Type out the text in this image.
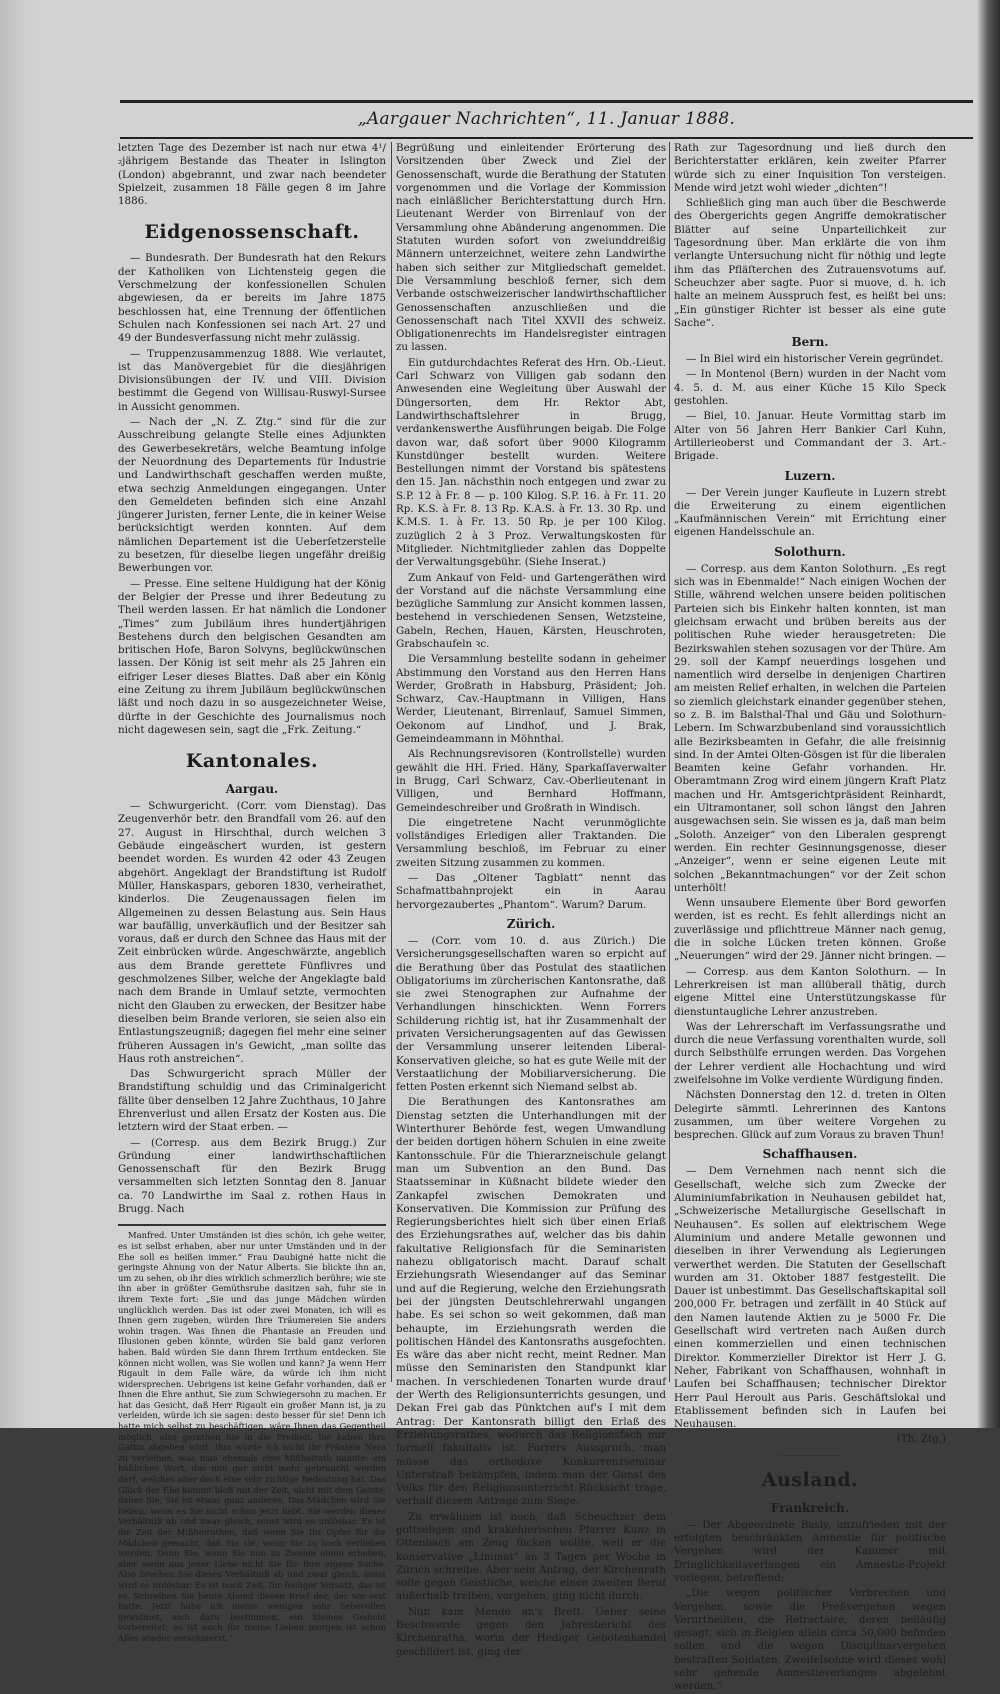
„Aargauer Nachrichten“, 11. Januar 1888.

letzten Tage des Dezember ist nach nur etwa 4¹/₂jährigem Bestande das Theater in Islington (London) abgebrannt, und zwar nach beendeter Spielzeit, zusammen 18 Fälle gegen 8 im Jahre 1886.

Eidgenossenschaft.

— Bundesrath. Der Bundesrath hat den Rekurs der Katholiken von Lichtensteig gegen die Verschmelzung der konfessionellen Schulen abgewiesen, da er bereits im Jahre 1875 beschlossen hat, eine Trennung der öffentlichen Schulen nach Konfessionen sei nach Art. 27 und 49 der Bundesverfassung nicht mehr zulässig.

— Truppenzusammenzug 1888. Wie verlautet, ist das Manövergebiet für die diesjährigen Divisionsübungen der IV. und VIII. Division bestimmt die Gegend von Willisau-Ruswyl-Sursee in Aussicht genommen.

— Nach der „N. Z. Ztg.“ sind für die zur Ausschreibung gelangte Stelle eines Adjunkten des Gewerbesekretärs, welche Beamtung infolge der Neuordnung des Departements für Industrie und Landwirthschaft geschaffen werden mußte, etwa sechzig Anmeldungen eingegangen. Unter den Gemeldeten befinden sich eine Anzahl jüngerer Juristen, ferner Lente, die in keiner Weise berücksichtigt werden konnten. Auf dem nämlichen Departement ist die Ueberſetzerstelle zu besetzen, für dieselbe liegen ungefähr dreißig Bewerbungen vor.

— Presse. Eine seltene Huldigung hat der König der Belgier der Presse und ihrer Bedeutung zu Theil werden lassen. Er hat nämlich die Londoner „Times“ zum Jubiläum ihres hundertjährigen Bestehens durch den belgischen Gesandten am britischen Hofe, Baron Solvyns, beglückwünschen lassen. Der König ist seit mehr als 25 Jahren ein eifriger Leser dieses Blattes. Daß aber ein König eine Zeitung zu ihrem Jubiläum beglückwünschen läßt und noch dazu in so ausgezeichneter Weise, dürfte in der Geschichte des Journalismus noch nicht dagewesen sein, sagt die „Frk. Zeitung.“

Kantonales.
Aargau.

— Schwurgericht. (Corr. vom Dienstag). Das Zeugenverhör betr. den Brandfall vom 26. auf den 27. August in Hirschthal, durch welchen 3 Gebäude eingeäschert wurden, ist gestern beendet worden. Es wurden 42 oder 43 Zeugen abgehört. Angeklagt der Brandstiftung ist Rudolf Müller, Hanskaspars, geboren 1830, verheirathet, kinderlos. Die Zeugenaussagen fielen im Allgemeinen zu dessen Belastung aus. Sein Haus war baufällig, unverkäuflich und der Besitzer sah voraus, daß er durch den Schnee das Haus mit der Zeit einbrücken würde. Angeschwärzte, angeblich aus dem Brande gerettete Fünflivres und geschmolzenes Silber, welche der Angeklagte bald nach dem Brande in Umlauf setzte, vermochten nicht den Glauben zu erwecken, der Besitzer habe dieselben beim Brande verloren, sie seien also ein Entlastungszeugniß; dagegen fiel mehr eine seiner früheren Aussagen in's Gewicht, „man sollte das Haus roth anstreichen“.

Das Schwurgericht sprach Müller der Brandstiftung schuldig und das Criminalgericht fällte über denselben 12 Jahre Zuchthaus, 10 Jahre Ehrenverlust und allen Ersatz der Kosten aus. Die letztern wird der Staat erben. —

— (Corresp. aus dem Bezirk Brugg.) Zur Gründung einer landwirthschaftlichen Genossenschaft für den Bezirk Brugg versammelten sich letzten Sonntag den 8. Januar ca. 70 Landwirthe im Saal z. rothen Haus in Brugg. Nach

Manfred. Unter Umständen ist dies schön, ich gehe weiter, es ist selbst erhaben, aber nur unter Umständen und in der Ehe soll es heißen immer.“ Frau Daubigné hatte nicht die geringste Ahnung von der Natur Alberts. Sie blickte ihn an, um zu sehen, ob ihr dies wirklich schmerzlich berühre; wie ste ihn aber in größter Gemüthsruhe dasitzen sah, fuhr sie in ihrem Texte fort: „Sie und das junge Mädchen würden unglücklich werden. Das ist oder zwei Monaten, ich will es Ihnen gern zugeben, würden Ihre Träumereien Sie anders wohin tragen. Was Ihnen die Phantasie an Freuden und Illusionen geben könnte, würden Sie bald ganz verloren haben. Bald würden Sie dann Ihrem Irrthum entdecken. Sie können nicht wollen, was Sie wollen und kann? Ja wenn Herr Rigault in dem Falle wäre, da würde ich ihm nicht widersprechen. Uebrigens ist keine Gefahr vorhanden, daß er Ihnen die Ehre anthut, Sie zum Schwiegersohn zu machen. Er hat das Gesicht, daß Herr Rigault ein großer Mann ist, ja zu verleiden, würde ich sie sagen: desto besser für sie! Denn ich hatte mich selbst zu beschäftigen, wäre Ihnen das Gegentheil möglich, also gerathen Sie in die Freiheit. Sie haben Ihre Gattin abgeben wird. Ihm würde ich nicht Ihr Fräulein Nera zu verleihen, was man ehemals eine Mißheirath nannte: ein häßliches Wort, das nun gar nicht mehr gebraucht werden darf, welches aber doch eine sehr richtige Bedeutung hat. Das Glück der Ehe kommt bloß mit der Zeit, nicht mit dem Geiste; daher Sie, Sie ist etwas ganz anderes. Das Mädchen wird Sie lieben, wenn es Sie nicht schon jetzt liebt. Sie werden dieses Verhältniß ab und zwar gleich, sonst wird es unlösbar. Es ist die Zeit der Mißheirathen, daß wenn Sie Ihr Opfer für die Mädchen gemacht, daß Sie sie, wenn Sie zu hoch verlieben werden. Denn Sie, wenn Sie nun zu Zweien einen erheben, aber wenn aus jener Liebe nicht Sie für Ihre eigene Sache. Also brechen Sie dieses Verhältniß ab und zwar gleich, sonst wird es unlösbar. Es ist noch Zeit, Ihr heiliger Vorsatz, das ist es. Schreiben Sie heute Abend diesen Brief der, der wir erst hatte. Jetzt habe ich meine wenigen sehr liebevollen gewidmet, sich dazu bestimmen, ein kleines Gedicht vorbereitet; es ist auch für meine Lieben morgen ist schon Alles wieder verschmerzt.“

Begrüßung und einleitender Erörterung des Vorsitzenden über Zweck und Ziel der Genossenschaft, wurde die Berathung der Statuten vorgenommen und die Vorlage der Kommission nach einläßlicher Berichterstattung durch Hrn. Lieutenant Werder von Birrenlauf von der Versammlung ohne Abänderung angenommen. Die Statuten wurden sofort von zweiunddreißig Männern unterzeichnet, weitere zehn Landwirthe haben sich seither zur Mitgliedschaft gemeldet. Die Versammlung beschloß ferner, sich dem Verbande ostschweizerischer landwirthschaftlicher Genossenschaften anzuschließen und die Genossenschaft nach Titel XXVII des schweiz. Obligationenrechts im Handelsregister eintragen zu lassen.

Ein gutdurchdachtes Referat des Hrn. Ob.-Lieut. Carl Schwarz von Villigen gab sodann den Anwesenden eine Wegleitung über Auswahl der Düngersorten, dem Hr. Rektor Abt, Landwirthschaftslehrer in Brugg, verdankenswerthe Ausführungen beigab. Die Folge davon war, daß sofort über 9000 Kilogramm Kunstdünger bestellt wurden. Weitere Bestellungen nimmt der Vorstand bis spätestens den 15. Jan. nächsthin noch entgegen und zwar zu S.P. 12 à Fr. 8 — p. 100 Kilog. S.P. 16. à Fr. 11. 20 Rp. K.S. à Fr. 8. 13 Rp. K.A.S. à Fr. 13. 30 Rp. und K.M.S. 1. à Fr. 13. 50 Rp. je per 100 Kilog. zuzüglich 2 à 3 Proz. Verwaltungskosten für Mitglieder. Nichtmitglieder zahlen das Doppelte der Verwaltungsgebühr. (Siehe Inserat.)

Zum Ankauf von Feld- und Gartengeräthen wird der Vorstand auf die nächste Versammlung eine bezügliche Sammlung zur Ansicht kommen lassen, bestehend in verschiedenen Sensen, Wetzsteine, Gabeln, Rechen, Hauen, Kärsten, Heuschroten, Grabschaufeln ꝛc.

Die Versammlung bestellte sodann in geheimer Abstimmung den Vorstand aus den Herren Hans Werder, Großrath in Habsburg, Präsident; Joh. Schwarz, Cav.-Hauptmann in Villigen, Hans Werder, Lieutenant, Birrenlauf, Samuel Simmen, Oekonom auf Lindhof, und J. Brak, Gemeindeammann in Möhnthal.

Als Rechnungsrevisoren (Kontrollstelle) wurden gewählt die HH. Fried. Häny, Sparkaſſaverwalter in Brugg, Carl Schwarz, Cav.-Oberlieutenant in Villigen, und Bernhard Hoffmann, Gemeindeschreiber und Großrath in Windisch.

Die eingetretene Nacht verunmöglichte vollständiges Erledigen aller Traktanden. Die Versammlung beschloß, im Februar zu einer zweiten Sitzung zusammen zu kommen.

— Das „Oltener Tagblatt“ nennt das Schafmattbahnprojekt ein in Aarau hervorgezaubertes „Phantom“. Warum? Darum.

Zürich.

— (Corr. vom 10. d. aus Zürich.) Die Versicherungsgesellschaften waren so erpicht auf die Berathung über das Postulat des staatlichen Obligatoriums im zürcherischen Kantonsrathe, daß sie zwei Stenographen zur Aufnahme der Verhandlungen hinschickten. Wenn Forrers Schilderung richtig ist, hat ihr Zusammenhalt der privaten Versicherungsagenten auf das Gewissen der Versammlung unserer leitenden Liberal-Konservativen gleiche, so hat es gute Weile mit der Verstaatlichung der Mobiliarversicherung. Die fetten Posten erkennt sich Niemand selbst ab.

Die Berathungen des Kantonsrathes am Dienstag setzten die Unterhandlungen mit der Winterthurer Behörde fest, wegen Umwandlung der beiden dortigen höhern Schulen in eine zweite Kantonsschule. Für die Thierarzneischule gelangt man um Subvention an den Bund. Das Staatsseminar in Küßnacht bildete wieder den Zankapfel zwischen Demokraten und Konservativen. Die Kommission zur Prüfung des Regierungsberichtes hielt sich über einen Erlaß des Erziehungsrathes auf, welcher das bis dahin fakultative Religionsfach für die Seminaristen nahezu obligatorisch macht. Darauf schalt Erziehungsrath Wiesendanger auf das Seminar und auf die Regierung, welche den Erziehungsrath bei der jüngsten Deutschlehrerwahl ungangen habe. Es sei schon so weit gekommen, daß man behaupte, im Erziehungsrath werden die politischen Händel des Kantonsraths ausgefochten. Es wäre das aber nicht recht, meint Redner. Man müsse den Seminaristen den Standpunkt klar machen. In verschiedenen Tonarten wurde drauf der Werth des Religionsunterrichts gesungen, und Dekan Frei gab das Pünktchen auf's I mit dem Antrag: Der Kantonsrath billigt den Erlaß des Erziehungsrathes, wodurch das Religionsfach nur formell fakultativ ist. Forrers Ausspruch, man müsse das orthodoxe Konkurrenzseminar Unterstraß bekämpfen, indem man der Gunst des Volks für den Religionsunterricht Rücksicht trage, verhalf diesem Antrage zum Siege.

Zu erwähnen ist noch, daß Scheuchzer dem gottseligen und krakehlerischen Pfarrer Kunz in Ottenbach am Zeug flicken wollte, weil er die konservative „Limmat“ an 3 Tagen per Woche in Zürich schreibe. Aber sein Antrag, der Kirchenrath solle gegen Geistliche, welche einen zweiten Beruf außerhalb treiben, vorgehen, ging nicht durch.

Nun kam Mende an's Brett. Ueber seine Beschwerde gegen den Jahresbericht des Kirchenraths, worin der Hediger Gebotenhandel geschildert ist, ging der

Rath zur Tagesordnung und ließ durch den Berichterstatter erklären, kein zweiter Pfarrer würde sich zu einer Inquisition Ton versteigen. Mende wird jetzt wohl wieder „dichten“!

Schließlich ging man auch über die Beschwerde des Obergerichts gegen Angriffe demokratischer Blätter auf seine Unparteilichkeit zur Tagesordnung über. Man erklärte die von ihm verlangte Untersuchung nicht für nöthig und legte ihm das Pfläſterchen des Zutrauensvotums auf. Scheuchzer aber sagte. Puor si muove, d. h. ich halte an meinem Ausspruch fest, es heißt bei uns: „Ein günstiger Richter ist besser als eine gute Sache“.

Bern.

— In Biel wird ein historischer Verein gegründet.

— In Montenol (Bern) wurden in der Nacht vom 4. 5. d. M. aus einer Küche 15 Kilo Speck gestohlen.

— Biel, 10. Januar. Heute Vormittag starb im Alter von 56 Jahren Herr Bankier Carl Kuhn, Artillerieoberst und Commandant der 3. Art.-Brigade.

Luzern.

— Der Verein junger Kaufleute in Luzern strebt die Erweiterung zu einem eigentlichen „Kaufmännischen Verein“ mit Errichtung einer eigenen Handelsschule an.

Solothurn.

— Corresp. aus dem Kanton Solothurn. „Es regt sich was in Ebenmalde!“ Nach einigen Wochen der Stille, während welchen unsere beiden politischen Parteien sich bis Einkehr halten konnten, ist man gleichsam erwacht und brüben bereits aus der politischen Ruhe wieder herausgetreten: Die Bezirkswahlen stehen sozusagen vor der Thüre. Am 29. soll der Kampf neuerdings losgehen und namentlich wird derselbe in denjenigen Chartiren am meisten Relief erhalten, in welchen die Parteien so ziemlich gleichstark einander gegenüber stehen, so z. B. im Balsthal-Thal und Gäu und Solothurn-Lebern. Im Schwarzbubenland sind voraussichtlich alle Bezirksbeamten in Gefahr, die alle freisinnig sind. In der Amtei Olten-Gösgen ist für die liberalen Beamten keine Gefahr vorhanden. Hr. Oberamtmann Zrog wird einem jüngern Kraft Platz machen und Hr. Amtsgerichtpräsident Reinhardt, ein Ultramontaner, soll schon längst den Jahren ausgewachsen sein. Sie wissen es ja, daß man beim „Soloth. Anzeiger“ von den Liberalen gesprengt werden. Ein rechter Gesinnungsgenosse, dieser „Anzeiger“, wenn er seine eigenen Leute mit solchen „Bekanntmachungen“ vor der Zeit schon unterhölt!

Wenn unsaubere Elemente über Bord geworfen werden, ist es recht. Es fehlt allerdings nicht an zuverlässige und pflichttreue Männer nach genug, die in solche Lücken treten können. Große „Neuerungen“ wird der 29. Jänner nicht bringen. —

— Corresp. aus dem Kanton Solothurn. — In Lehrerkreisen ist man allüberall thätig, durch eigene Mittel eine Unterstützungskasse für dienstuntaugliche Lehrer anzustreben.

Was der Lehrerschaft im Verfassungsrathe und durch die neue Verfassung vorenthalten wurde, soll durch Selbsthülfe errungen werden. Das Vorgehen der Lehrer verdient alle Hochachtung und wird zweifelsohne im Volke verdiente Würdigung finden.

Nächsten Donnerstag den 12. d. treten in Olten Delegirte sämmtl. Lehrerinnen des Kantons zusammen, um über weitere Vorgehen zu besprechen. Glück auf zum Voraus zu braven Thun!

Schaffhausen.

— Dem Vernehmen nach nennt sich die Gesellschaft, welche sich zum Zwecke der Aluminiumfabrikation in Neuhausen gebildet hat, „Schweizerische Metallurgische Gesellschaft in Neuhausen“. Es sollen auf elektrischem Wege Aluminium und andere Metalle gewonnen und dieselben in ihrer Verwendung als Legierungen verwerthet werden. Die Statuten der Gesellschaft wurden am 31. Oktober 1887 festgestellt. Die Dauer ist unbestimmt. Das Gesellschaftskapital soll 200,000 Fr. betragen und zerfällt in 40 Stück auf den Namen lautende Aktien zu je 5000 Fr. Die Gesellschaft wird vertreten nach Außen durch einen kommerziellen und einen technischen Direktor. Kommerzieller Direktor ist Herr J. G. Neher, Fabrikant von Schaffhausen, wohnhaft in Laufen bei Schaffhausen; technischer Direktor Herr Paul Heroult aus Paris. Geschäftslokal und Etablissement befinden sich in Laufen bei Neuhausen.

(Th. Ztg.)

Ausland.
Frankreich.

— Der Abgeordnete Basly, unzufrieden mit der erfolgten beschränkten Amnestie für politische Vergehen wird der Kammer mit Dringlichkeitsverlangen ein Amnestie-Projekt vorlegen, betreffend:

„Die wegen politischer Verbrechen und Vergehen, sowie die Preßvergehen wegen Verurtheilten, die Refractaire, deren beiläufig gesagt, sich in Belgien allein circa 50,000 befinden sollen und die wegen Disciplinarvergehen bestraften Soldaten. Zweifelsohne wird dieses wohl sehr gehende Amnestieverlangen abgelehnt werden.“
